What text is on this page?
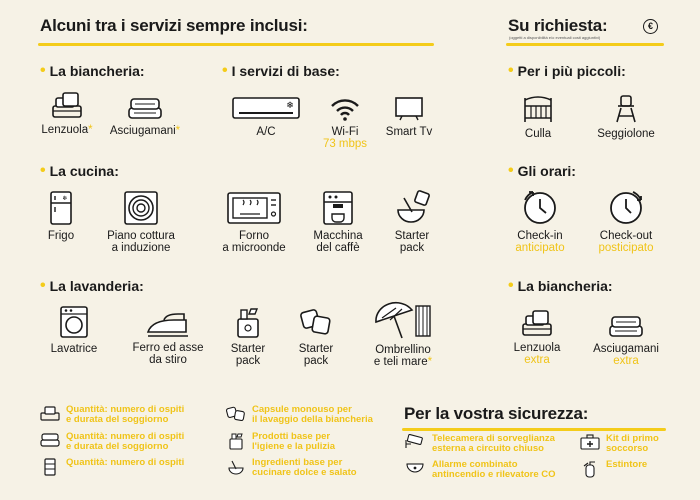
Alcuni tra i servizi sempre inclusi:	Su richiesta:
(oggetti a disponibilità e/o eventuali costi aggiuntivi)
€
• La biancheria:
Lenzuola*	Asciugamani*
• I servizi di base:
❄
A/C	Wi-Fi
73 mbps
Smart Tv
• Per i più piccoli:
Culla	Seggiolone
• La cucina:
❄
Frigo	Piano cottura
a induzione
Forno
a microonde
Macchina
del caffè
Starter
pack
• Gli orari:
Check-in
anticipato
Check-out
posticipato
• La lavanderia:
Lavatrice	Ferro ed asse
da stiro
Starter
pack
Starter
pack
Ombrellino
e teli mare*
• La biancheria:
Lenzuola
extra
Asciugamani
extra
Quantità: numero di ospiti
e durata del soggiorno
Quantità: numero di ospiti
e durata del soggiorno
Quantità: numero di ospiti
Capsule monouso per
il lavaggio della biancheria
Prodotti base per
l'igiene e la pulizia
Ingredienti base per
cucinare dolce e salato
Per la vostra sicurezza:
Telecamera di sorveglianza
esterna a circuito chiuso
Allarme combinato
antincendio e rilevatore CO
Kit di primo
soccorso
Estintore
